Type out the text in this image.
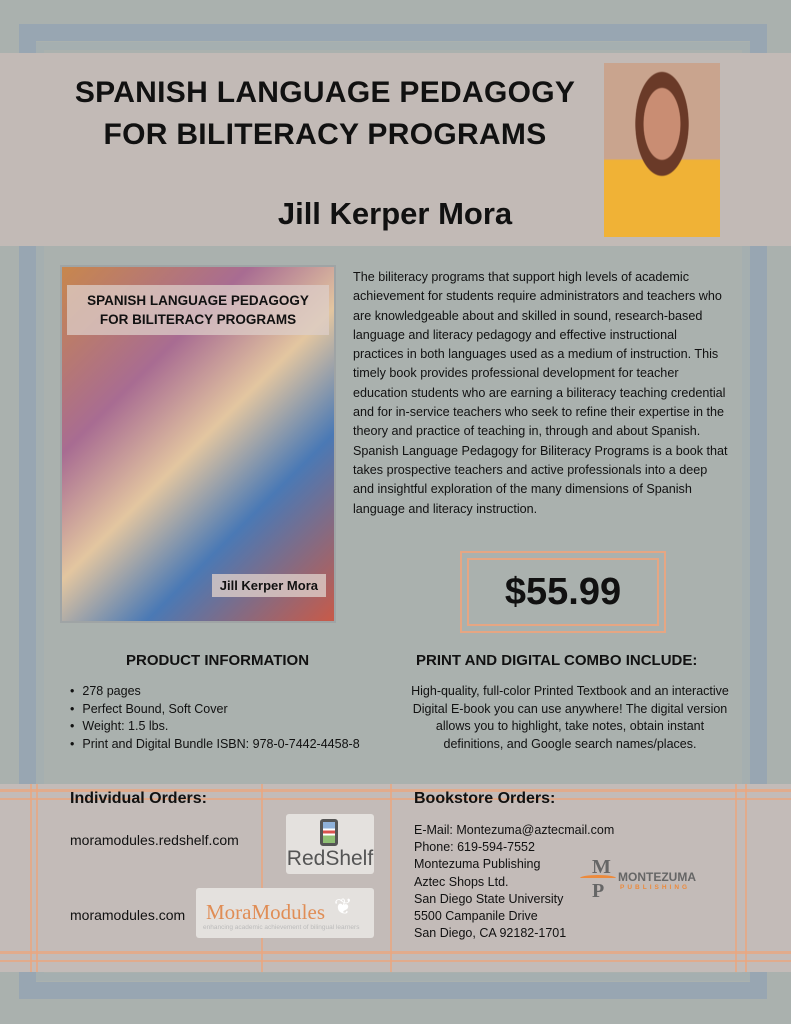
SPANISH LANGUAGE PEDAGOGY
FOR BILITERACY PROGRAMS
Jill Kerper Mora
SPANISH LANGUAGE PEDAGOGY
FOR BILITERACY PROGRAMS
Jill Kerper Mora
The biliteracy programs that support high levels of academic achievement for students require administrators and teachers who are knowledgeable about and skilled in sound, research-based language and literacy pedagogy and effective instructional practices in both languages used as a medium of instruction. This timely book provides professional development for teacher education students who are earning a biliteracy teaching credential and for in-service teachers who seek to refine their expertise in the theory and practice of teaching in, through and about Spanish. Spanish Language Pedagogy for Biliteracy Programs is a book that takes prospective teachers and active professionals into a deep and insightful exploration of the many dimensions of Spanish language and literacy instruction.
$55.99
PRODUCT INFORMATION
• 278 pages
• Perfect Bound, Soft Cover
• Weight: 1.5 lbs.
• Print and Digital Bundle ISBN: 978-0-7442-4458-8
PRINT AND DIGITAL COMBO INCLUDE:
High-quality, full-color Printed Textbook and an interactive Digital E-book you can use anywhere! The digital version allows you to highlight, take notes, obtain instant definitions, and Google search names/places.
Individual Orders:
moramodules.redshelf.com
RedShelf
moramodules.com MoraModules
enhancing academic achievement of bilingual learners
❦
Bookstore Orders:
E-Mail: Montezuma@aztecmail.com
Phone: 619-594-7552
Montezuma Publishing
Aztec Shops Ltd.
San Diego State University
5500 Campanile Drive
San Diego, CA 92182-1701
MP
MONTEZUMA
PUBLISHING
